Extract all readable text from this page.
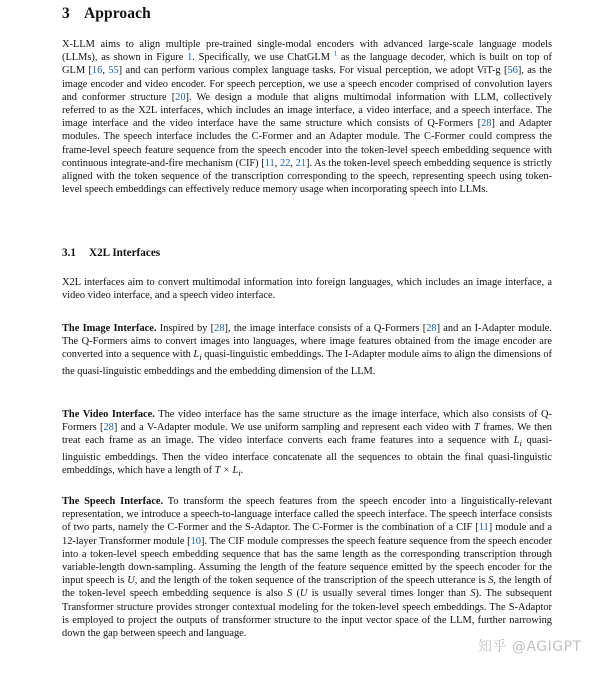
3 Approach

X-LLM aims to align multiple pre-trained single-modal encoders with advanced large-scale language models (LLMs), as shown in Figure 1. Specifically, we use ChatGLM $^1$ as the language decoder, which is built on top of GLM [16, 55] and can perform various complex language tasks. For visual perception, we adopt ViT-g [56], as the image encoder and video encoder. For speech perception, we use a speech encoder comprised of convolution layers and conformer structure [20]. We design a module that aligns multimodal information with LLM, collectively referred to as the X2L interfaces, which includes an image interface, a video interface, and a speech interface. The image interface and the video interface have the same structure which consists of Q-Formers [28] and Adapter modules. The speech interface includes the C-Former and an Adapter module. The C-Former could compress the frame-level speech feature sequence from the speech encoder into the token-level speech embedding sequence with continuous integrate-and-fire mechanism (CIF) [11, 22, 21]. As the token-level speech embedding sequence is strictly aligned with the token sequence of the transcription corresponding to the speech, representing speech using token-level speech embeddings can effectively reduce memory usage when incorporating speech into LLMs.

3.1 X2L Interfaces

X2L interfaces aim to convert multimodal information into foreign languages, which includes an image interface, a video video interface, and a speech video interface.

The Image Interface. Inspired by [28], the image interface consists of a Q-Formers [28] and an I-Adapter module. The Q-Formers aims to convert images into languages, where image features obtained from the image encoder are converted into a sequence with $L_i$ quasi-linguistic embeddings. The I-Adapter module aims to align the dimensions of the quasi-linguistic embeddings and the embedding dimension of the LLM.

The Video Interface. The video interface has the same structure as the image interface, which also consists of Q-Formers [28] and a V-Adapter module. We use uniform sampling and represent each video with T frames. We then treat each frame as an image. The video interface converts each frame features into a sequence with $L_i$ quasi-linguistic embeddings. Then the video interface concatenate all the sequences to obtain the final quasi-linguistic embeddings, which have a length of $T \times L_i$.

The Speech Interface. To transform the speech features from the speech encoder into a linguistically-relevant representation, we introduce a speech-to-language interface called the speech interface. The speech interface consists of two parts, namely the C-Former and the S-Adaptor. The C-Former is the combination of a CIF [11] module and a 12-layer Transformer module [10]. The CIF module compresses the speech feature sequence from the speech encoder into a token-level speech embedding sequence that has the same length as the corresponding transcription through variable-length down-sampling. Assuming the length of the feature sequence emitted by the speech encoder for the input speech is U, and the length of the token sequence of the transcription of the speech utterance is S, the length of the token-level speech embedding sequence is also S (U is usually several times longer than S). The subsequent Transformer structure provides stronger contextual modeling for the token-level speech embeddings. The S-Adaptor is employed to project the outputs of transformer structure to the input vector space of the LLM, further narrowing down the gap between speech and language.

知乎 @AGIGPT
